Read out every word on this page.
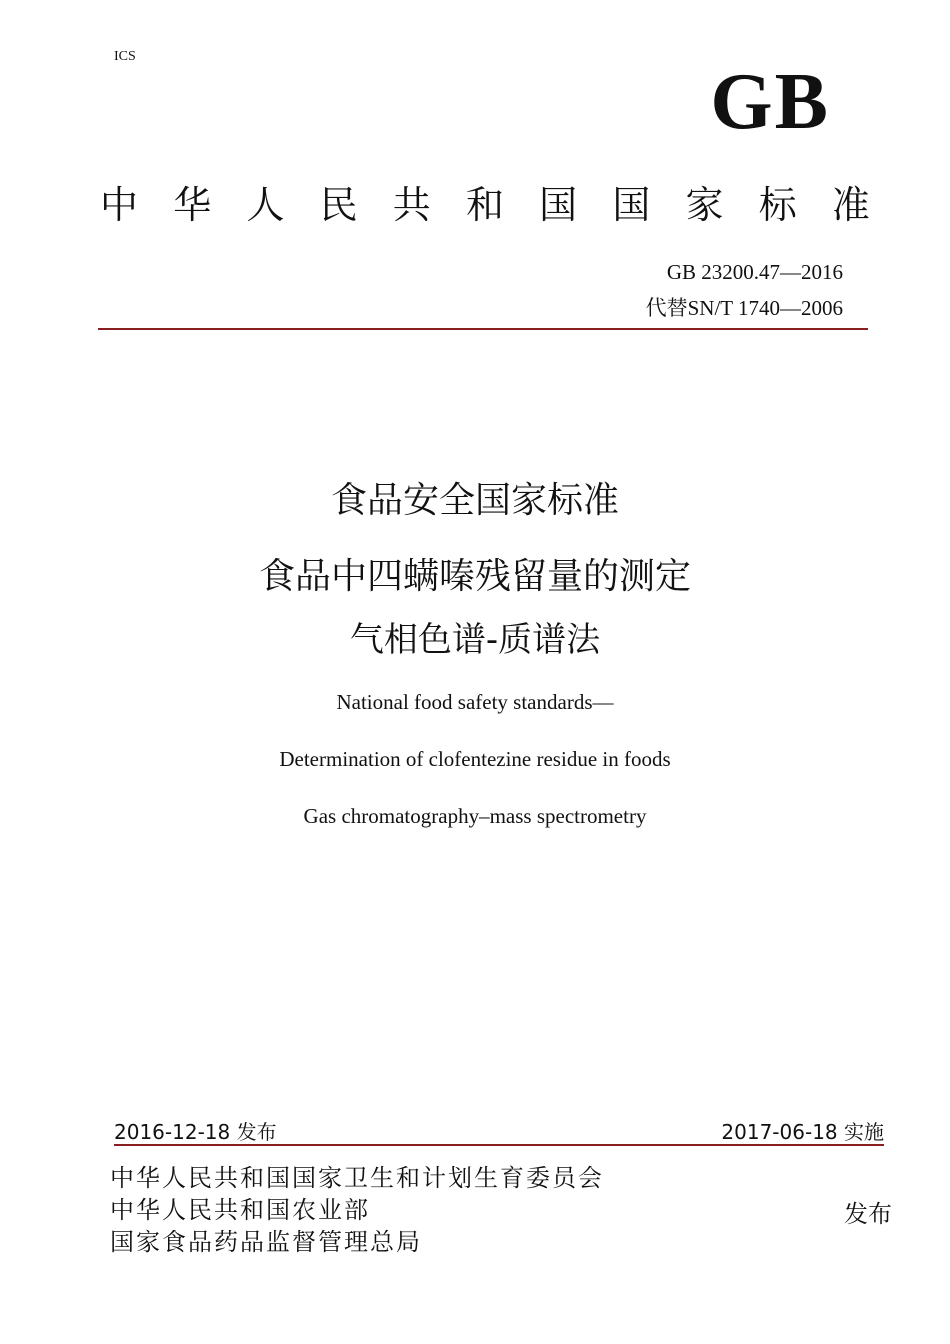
ICS
GB
中 华 人 民 共 和 国 国 家 标 准
GB 23200.47—2016
代替SN/T 1740—2006
食品安全国家标准
食品中四螨嗪残留量的测定
气相色谱-质谱法
National food safety standards—
Determination of clofentezine residue in foods
Gas chromatography–mass spectrometry
2016-12-18 发布	2017-06-18 实施
中华人民共和国国家卫生和计划生育委员会
中华人民共和国农业部
国家食品药品监督管理总局
发布
